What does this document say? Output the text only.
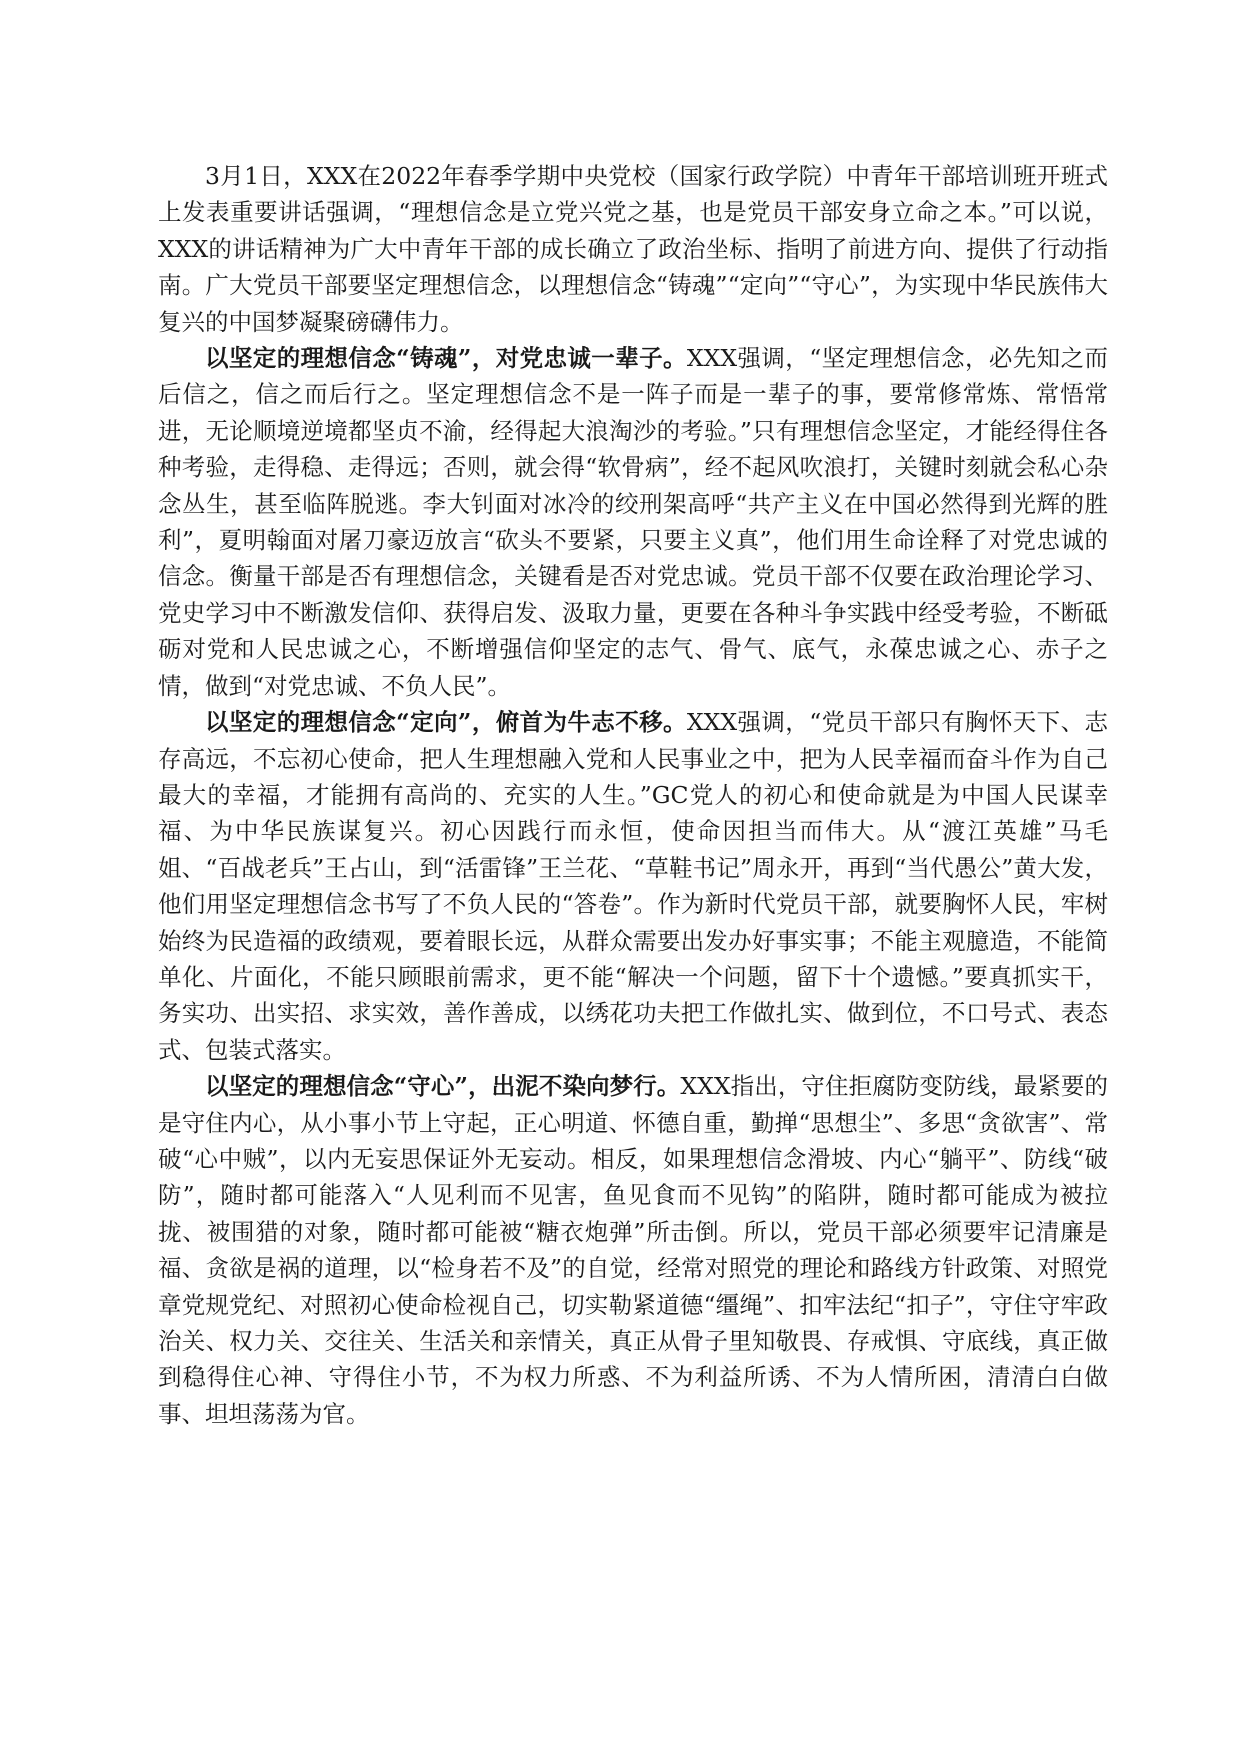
3月1日，XXX在2022年春季学期中央党校（国家行政学院）中青年干部培训班开班式上发表重要讲话强调，“理想信念是立党兴党之基，也是党员干部安身立命之本。”可以说，XXX的讲话精神为广大中青年干部的成长确立了政治坐标、指明了前进方向、提供了行动指南。广大党员干部要坚定理想信念，以理想信念“铸魂”“定向”“守心”，为实现中华民族伟大复兴的中国梦凝聚磅礴伟力。

以坚定的理想信念“铸魂”，对党忠诚一辈子。XXX强调，“坚定理想信念，必先知之而后信之，信之而后行之。坚定理想信念不是一阵子而是一辈子的事，要常修常炼、常悟常进，无论顺境逆境都坚贞不渝，经得起大浪淘沙的考验。”只有理想信念坚定，才能经得住各种考验，走得稳、走得远；否则，就会得“软骨病”，经不起风吹浪打，关键时刻就会私心杂念丛生，甚至临阵脱逃。李大钊面对冰冷的绞刑架高呼“共产主义在中国必然得到光辉的胜利”，夏明翰面对屠刀豪迈放言“砍头不要紧，只要主义真”，他们用生命诠释了对党忠诚的信念。衡量干部是否有理想信念，关键看是否对党忠诚。党员干部不仅要在政治理论学习、党史学习中不断激发信仰、获得启发、汲取力量，更要在各种斗争实践中经受考验，不断砥砺对党和人民忠诚之心，不断增强信仰坚定的志气、骨气、底气，永葆忠诚之心、赤子之情，做到“对党忠诚、不负人民”。

以坚定的理想信念“定向”，俯首为牛志不移。XXX强调，“党员干部只有胸怀天下、志存高远，不忘初心使命，把人生理想融入党和人民事业之中，把为人民幸福而奋斗作为自己最大的幸福，才能拥有高尚的、充实的人生。”GC党人的初心和使命就是为中国人民谋幸福、为中华民族谋复兴。初心因践行而永恒，使命因担当而伟大。从“渡江英雄”马毛姐、“百战老兵”王占山，到“活雷锋”王兰花、“草鞋书记”周永开，再到“当代愚公”黄大发，他们用坚定理想信念书写了不负人民的“答卷”。作为新时代党员干部，就要胸怀人民，牢树始终为民造福的政绩观，要着眼长远，从群众需要出发办好事实事；不能主观臆造，不能简单化、片面化，不能只顾眼前需求，更不能“解决一个问题，留下十个遗憾。”要真抓实干，务实功、出实招、求实效，善作善成，以绣花功夫把工作做扎实、做到位，不口号式、表态式、包装式落实。

以坚定的理想信念“守心”，出泥不染向梦行。XXX指出，守住拒腐防变防线，最紧要的是守住内心，从小事小节上守起，正心明道、怀德自重，勤掸“思想尘”、多思“贪欲害”、常破“心中贼”，以内无妄思保证外无妄动。相反，如果理想信念滑坡、内心“躺平”、防线“破防”，随时都可能落入“人见利而不见害，鱼见食而不见钩”的陷阱，随时都可能成为被拉拢、被围猎的对象，随时都可能被“糖衣炮弹”所击倒。所以，党员干部必须要牢记清廉是福、贪欲是祸的道理，以“检身若不及”的自觉，经常对照党的理论和路线方针政策、对照党章党规党纪、对照初心使命检视自己，切实勒紧道德“缰绳”、扣牢法纪“扣子”，守住守牢政治关、权力关、交往关、生活关和亲情关，真正从骨子里知敬畏、存戒惧、守底线，真正做到稳得住心神、守得住小节，不为权力所惑、不为利益所诱、不为人情所困，清清白白做事、坦坦荡荡为官。
